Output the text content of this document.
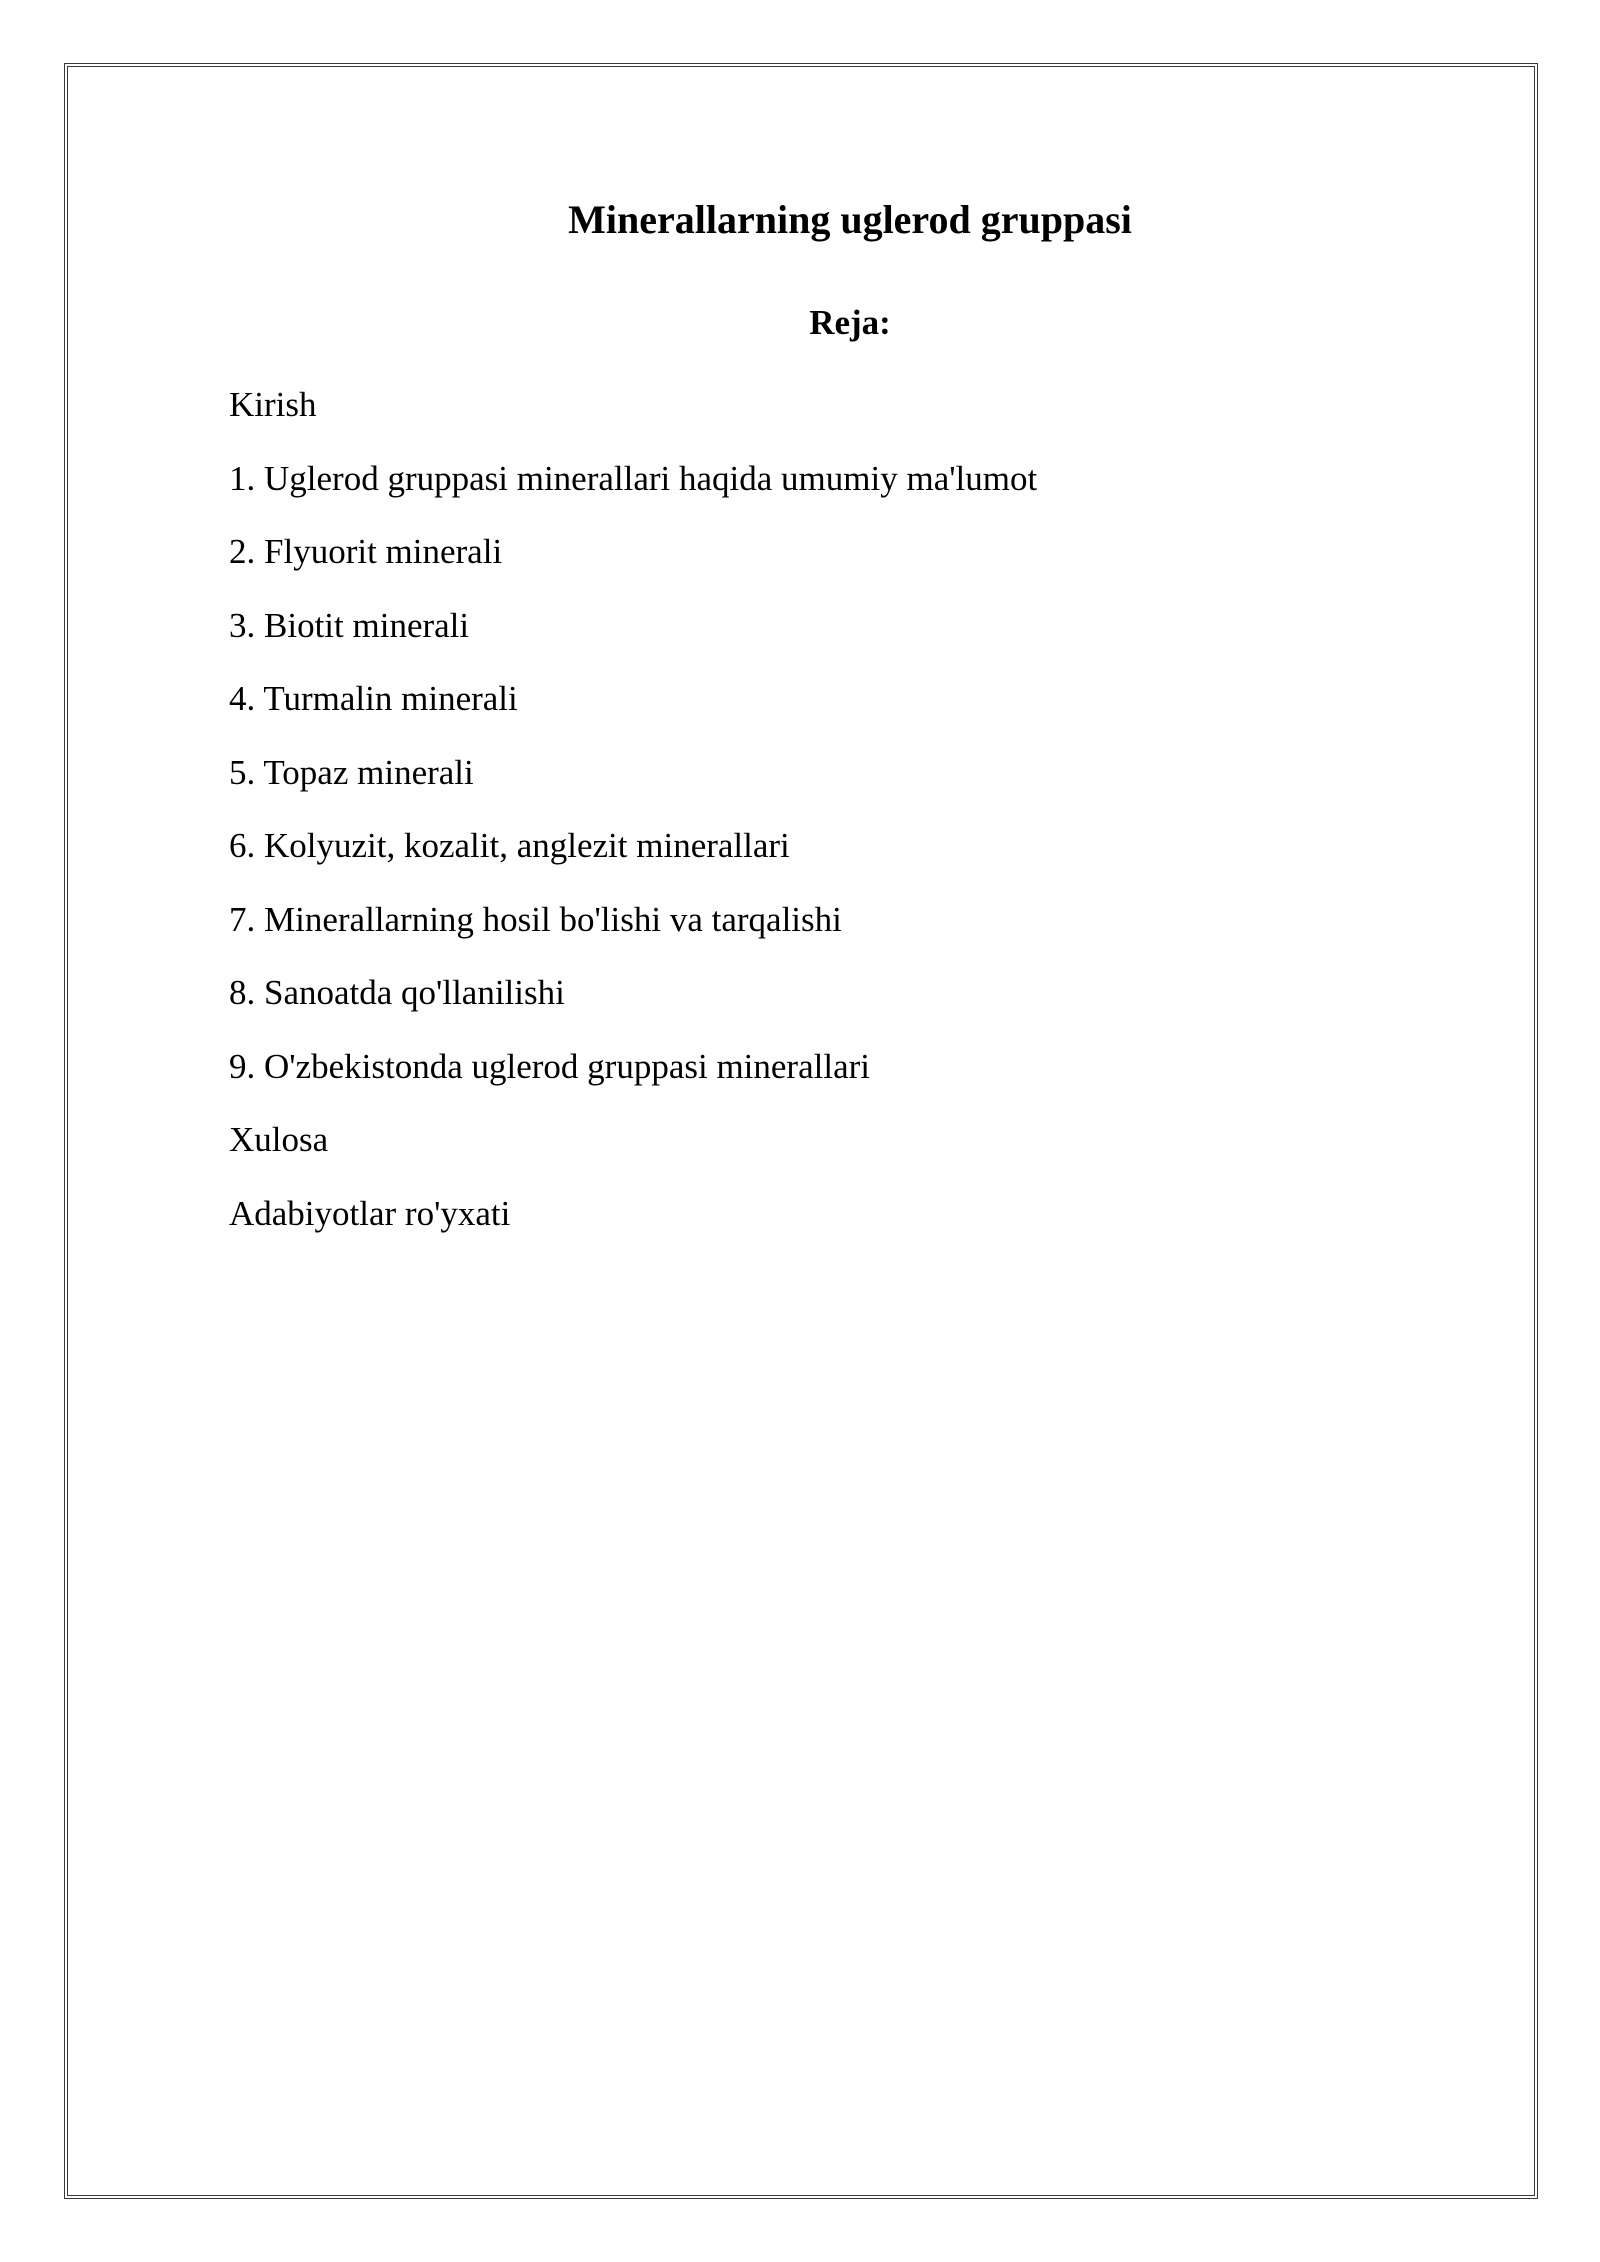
Minerallarning uglerod gruppasi
Reja:
Kirish
1. Uglerod gruppasi minerallari haqida umumiy ma'lumot
2. Flyuorit minerali
3. Biotit minerali
4. Turmalin minerali
5. Topaz minerali
6. Kolyuzit, kozalit, anglezit minerallari
7. Minerallarning hosil bo'lishi va tarqalishi
8. Sanoatda qo'llanilishi
9. O'zbekistonda uglerod gruppasi minerallari
Xulosa
Adabiyotlar ro'yxati
